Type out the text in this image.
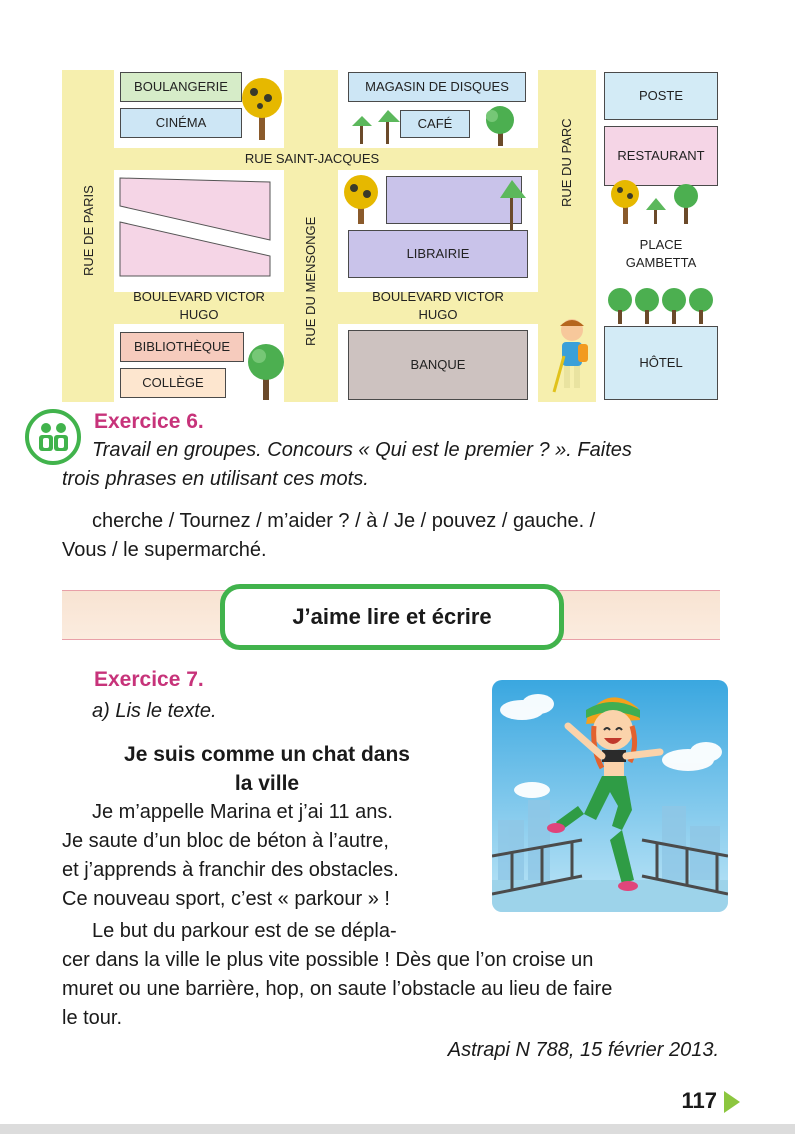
BOULANGERIE
CINÉMA
MAGASIN DE DISQUES
CAFÉ
POSTE
RESTAURANT
LIBRAIRIE
BIBLIOTHÈQUE
COLLÈGE
BANQUE	HÔTEL
RUE SAINT-JACQUES
RUE DE PARIS	RUE DU MENSONGE
RUE DU PARC
BOULEVARD VICTOR
HUGO
BOULEVARD VICTOR
HUGO
PLACE
GAMBETTA
Exercice 6.
Travail en groupes. Concours « Qui est le premier ? ». Faites
trois phrases en utilisant ces mots.
cherche / Tournez / m’aider ? / à / Je / pouvez / gauche. /
Vous / le supermarché.
J’aime lire et écrire
Exercice 7.
a) Lis le texte.
Je suis comme un chat dans
la ville
Je m’appelle Marina et j’ai 11 ans.
Je saute d’un bloc de béton à l’autre,
et j’apprends à franchir des obstacles.
Ce nouveau sport, c’est « parkour » !
Le but du parkour est de se dépla-
cer dans la ville le plus vite possible ! Dès que l’on croise un
muret ou une barrière, hop, on saute l’obstacle au lieu de faire
le tour.
Astrapi N 788, 15 février 2013.
117
